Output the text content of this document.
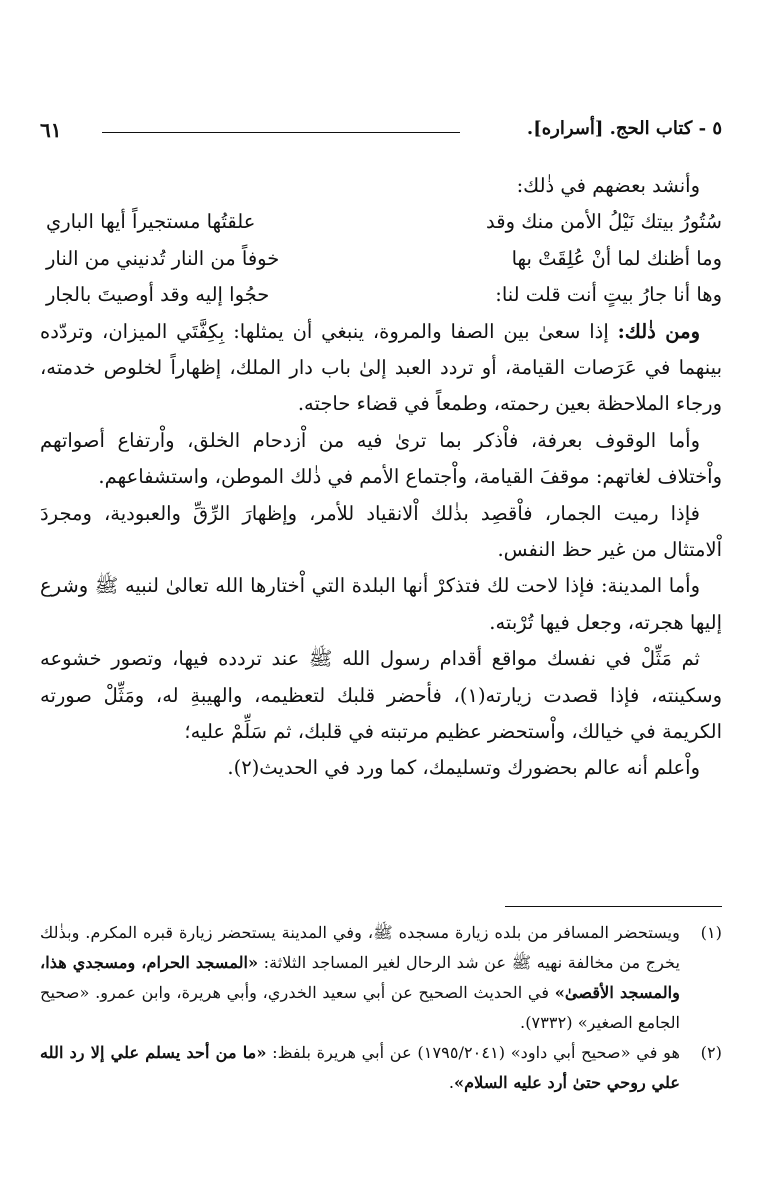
٥ - كتاب الحج. [أسراره].
٦١

وأنشد بعضهم في ذٰلك:

سُتُورُ بيتك نَيْلُ الأمن منك وقد
علقتُها مستجيراً أيها الباري
وما أظنك لما أنْ عُلِقَتْ بها
خوفاً من النار تُدنيني من النار
وها أنا جارُ بيتٍ أنت قلت لنا:
حجُوا إليه وقد أوصيتَ بالجار

ومن ذٰلك: إذا سعىٰ بين الصفا والمروة، ينبغي أن يمثلها: بِكِفَّتَي الميزان، وتردّده بينهما في عَرَصات القيامة، أو تردد العبد إلىٰ باب دار الملك، إظهاراً لخلوص خدمته، ورجاء الملاحظة بعين رحمته، وطمعاً في قضاء حاجته.

وأما الوقوف بعرفة، فاْذكر بما ترىٰ فيه من اْزدحام الخلق، واْرتفاع أصواتهم واْختلاف لغاتهم: موقفَ القيامة، واْجتماع الأمم في ذٰلك الموطن، واستشفاعهم.

فإذا رميت الجمار، فاْقصِد بذٰلك اْلانقياد للأمر، وإظهارَ الرِّقِّ والعبودية، ومجردَ اْلامتثال من غير حظ النفس.

وأما المدينة: فإذا لاحت لك فتذكرْ أنها البلدة التي اْختارها الله تعالىٰ لنبيه ﷺ وشرع إليها هجرته، وجعل فيها تُرْبته.

ثم مَثِّلْ في نفسك مواقع أقدام رسول الله ﷺ عند تردده فيها، وتصور خشوعه وسكينته، فإذا قصدت زيارته(١)، فأحضر قلبك لتعظيمه، والهيبةِ له، ومَثِّلْ صورته الكريمة في خيالك، واْستحضر عظيم مرتبته في قلبك، ثم سَلِّمْ عليه؛

واْعلم أنه عالم بحضورك وتسليمك، كما ورد في الحديث(٢).

(١)
ويستحضر المسافر من بلده زيارة مسجده ﷺ، وفي المدينة يستحضر زيارة قبره المكرم. وبذٰلك يخرج من مخالفة نهيه ﷺ عن شد الرحال لغير المساجد الثلاثة: «المسجد الحرام، ومسجدي هذا، والمسجد الأقصىٰ» في الحديث الصحيح عن أبي سعيد الخدري، وأبي هريرة، وابن عمرو. «صحيح الجامع الصغير» (٧٣٣٢).

(٢)
هو في «صحيح أبي داود» (١٧٩٥/٢٠٤١) عن أبي هريرة بلفظ: «ما من أحد يسلم علي إلا رد الله علي روحي حتىٰ أرد عليه السلام».
